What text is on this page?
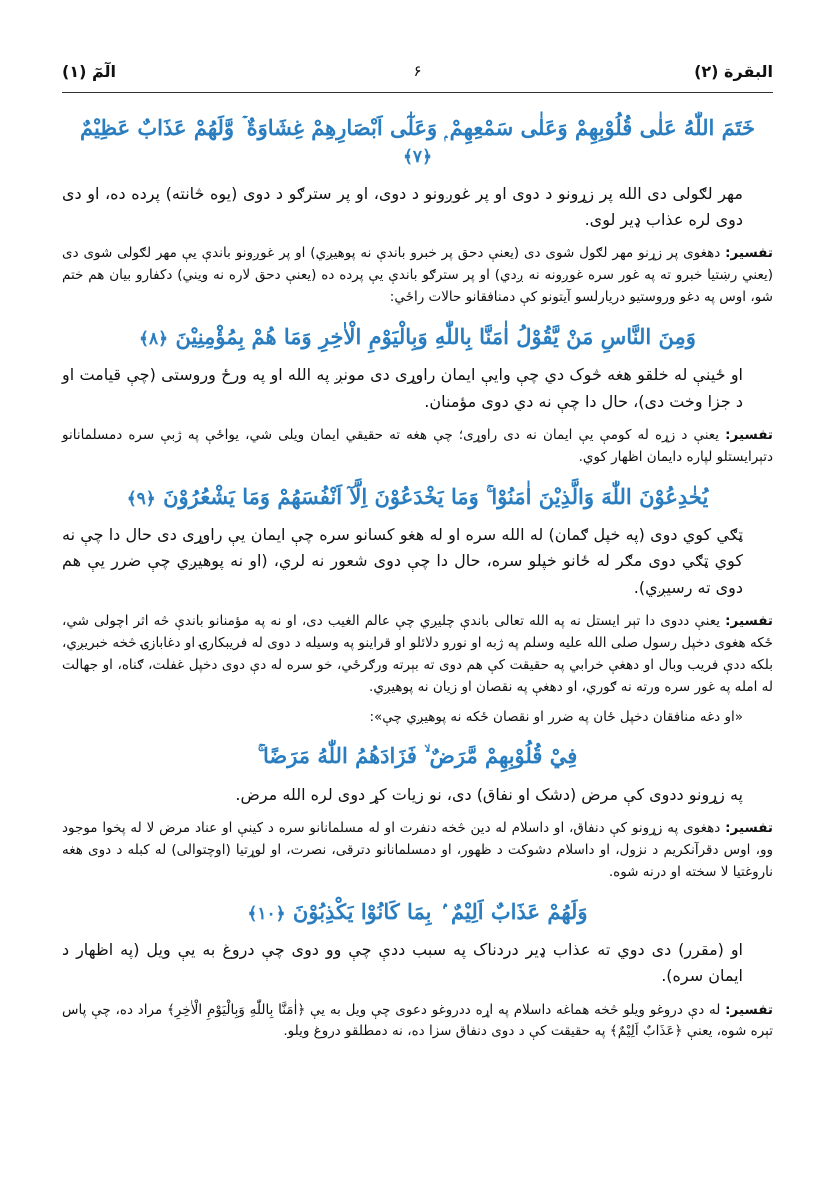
البقرة (٢)
۶
الٓمٓ (١)
خَتَمَ اللّٰهُ عَلٰى قُلُوْبِهِمْ وَعَلٰى سَمْعِهِمْ ۭ وَعَلٰٓى اَبْصَارِهِمْ غِشَاوَةٌ ۡ وَّلَهُمْ عَذَابٌ عَظِيْمٌ ﴿۷﴾

مهر لګولی دی الله پر زړونو د دوی او پر غوږونو د دوی، او پر سترګو د دوی (یوه څانته) پرده ده، او دی دوی لره عذاب ډیر لوی.

تفسیر: دهغوی پر زړنو مهر لګول شوی دی (یعنې دحق پر خبرو باندې نه پوهیږي) او پر غوږونو باندې یې مهر لګولی شوی دی (یعني رښتیا خبرو ته په غور سره غوږونه نه ږدي) او پر سترګو باندې یې پرده ده (یعنې دحق لاره نه ویني) دکفارو بیان هم ختم شو، اوس په دغو وروستیو دریارلسو آیتونو کې دمنافقانو حالات راځي:

وَمِنَ النَّاسِ مَنْ يَّقُوْلُ اٰمَنَّا بِاللّٰهِ وَبِالْيَوْمِ الْاٰخِرِ وَمَا هُمْ بِمُؤْمِنِيْنَ ﴿۸﴾

او ځینې له خلقو هغه څوک دي چې وايې ایمان راوړی دی مونږ په الله او په ورځ وروستی (چې قیامت او د جزا وخت دی)، حال دا چې نه دي دوی مؤمنان.

تفسیر: یعنې د زړه له کومې یې ایمان نه دی راوړی؛ چې هغه ته حقیقي ایمان ویلی شي، یواځې په ژبې سره دمسلمانانو دتېرایستلو لپاره دایمان اظهار کوي.

يُخٰدِعُوْنَ اللّٰهَ وَالَّذِيْنَ اٰمَنُوْا ۚ وَمَا يَخْدَعُوْنَ اِلَّآ اَنْفُسَهُمْ وَمَا يَشْعُرُوْنَ ﴿۹﴾

ټګي کوي دوی (په خپل ګمان) له الله سره او له هغو کسانو سره چې ایمان یې راوړی دی حال دا چې نه کوي ټګي دوی مګر له ځانو خپلو سره، حال دا چې دوی شعور نه لري، (او نه پوهیږي چې ضرر یې هم دوی ته رسیږي).

تفسیر: یعنې ددوی دا تېر ایستل نه په الله تعالی باندې چلیږي چې عالم الغیب دی، او نه په مؤمنانو باندې څه اثر اچولی شي، ځکه هغوی دخپل رسول صلی الله علیه وسلم په ژبه او نورو دلائلو او قراینو په وسیله د دوی له فریبکارۍ او دغابازۍ څخه خبریږي، بلکه ددې فریب وبال او دهغې خرابي په حقیقت کې هم دوی ته بېرته ورګرځي، خو سره له دې دوی دخپل غفلت، ګناه، او جهالت له امله په غور سره ورته نه ګوري، او دهغې په نقصان او زیان نه پوهیږي.

«او دغه منافقان دخپل ځان په ضرر او نقصان ځکه نه پوهیږي چې»:

فِيْ قُلُوْبِهِمْ مَّرَضٌ ۙ فَزَادَهُمُ اللّٰهُ مَرَضًا ۚ

په زړونو ددوی کې مرض (دشک او نفاق) دی، نو زیات کړ دوی لره الله مرض.

تفسیر: دهغوی په زړونو کې دنفاق، او داسلام له دین څخه دنفرت او له مسلمانانو سره د کینې او عناد مرض لا له پخوا موجود وو، اوس دقرآنکریم د نزول، او داسلام دشوکت د ظهور، او دمسلمانانو دترقی، نصرت، او لوړتیا (اوچتوالی) له کبله د دوی هغه ناروغتیا لا سخته او درنه شوه.

وَلَهُمْ عَذَابٌ اَلِيْمٌ ۢ بِمَا كَانُوْا يَكْذِبُوْنَ ﴿۱۰﴾

او (مقرر) دی دوي ته عذاب ډیر دردناک په سبب ددې چې وو دوی چې دروغ به یې ویل (په اظهار د ایمان سره).

تفسیر: له دې دروغو ویلو څخه هماغه داسلام په اړه ددروغو دعوی چې ویل به یې ﴿اٰمَنَّا بِاللّٰهِ وَبِالْيَوْمِ الْاٰخِرِ﴾ مراد ده، چې پاس تېره شوه، یعنې ﴿عَذَابٌ اَلِيْمٌ﴾ په حقیقت کې د دوی دنفاق سزا ده، نه دمطلقو دروغ ویلو.
